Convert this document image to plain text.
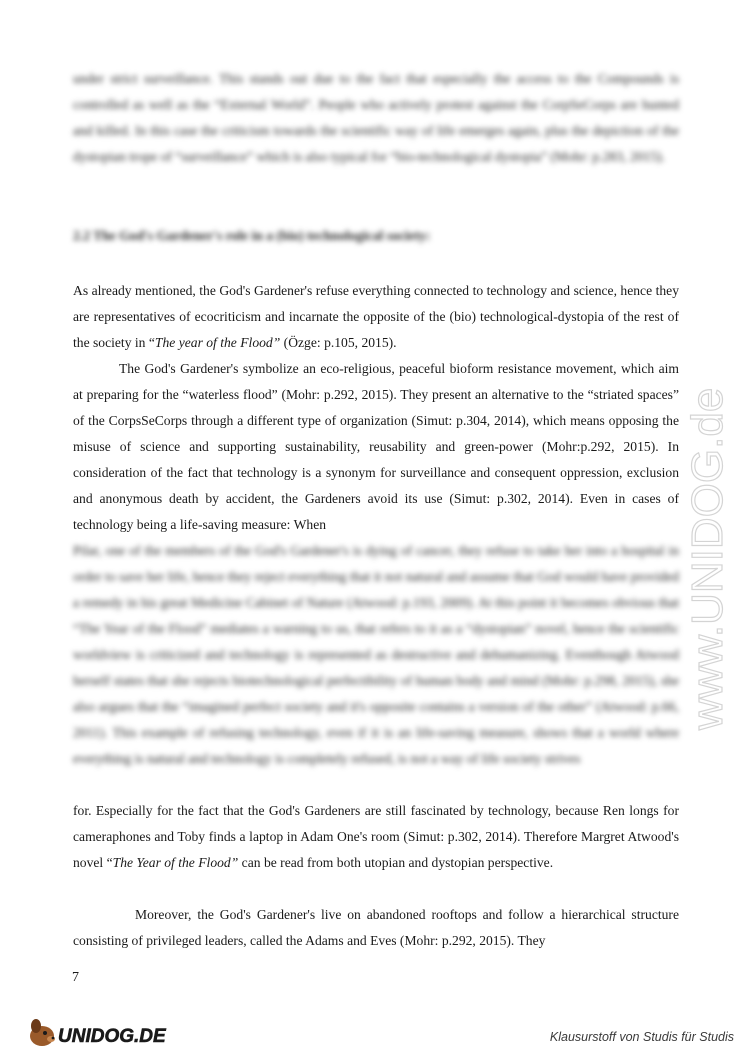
under strict surveillance. This stands out due to the fact that especially the access to the Compounds is controlled as well as the “External World”. People who actively protest against the CorpSeCorps are hunted and killed. In this case the criticism towards the scientific way of life emerges again, plus the depiction of the dystopian trope of “surveillance” which is also typical for “bio-technological dystopia” (Mohr: p.283, 2015).

2.2 The God's Gardener's role in a (bio) technological society:

As already mentioned, the God's Gardener's refuse everything connected to technology and science, hence they are representatives of ecocriticism and incarnate the opposite of the (bio) technological-dystopia of the rest of the society in “The year of the Flood” (Özge: p.105, 2015).

The God's Gardener's symbolize an eco-religious, peaceful bioform resistance movement, which aim at preparing for the “waterless flood” (Mohr: p.292, 2015). They present an alternative to the “striated spaces” of the CorpsSeCorps through a different type of organization (Simut: p.304, 2014), which means opposing the misuse of science and supporting sustainability, reusability and green-power (Mohr:p.292, 2015). In consideration of the fact that technology is a synonym for surveillance and consequent oppression, exclusion and anonymous death by accident, the Gardeners avoid its use (Simut: p.302, 2014). Even in cases of technology being a life-saving measure: When

Pilar, one of the members of the God's Gardener's is dying of cancer, they refuse to take her into a hospital in order to save her life, hence they reject everything that it not natural and assume that God would have provided a remedy in his great Medicine Cabinet of Nature (Atwood: p.193, 2009). At this point it becomes obvious that “The Year of the Flood” mediates a warning to us, that refers to it as a “dystopian” novel, hence the scientific worldview is criticized and technology is represented as destructive and dehumanizing. Eventhough Atwood herself states that she rejects biotechnological perfectibility of human body and mind (Mohr: p.298, 2015), she also argues that the “imagined perfect society and it's opposite contains a version of the other” (Atwood: p.66, 2011). This example of refusing technology, even if it is an life-saving measure, shows that a world where everything is natural and technology is completely refused, is not a way of life society strives

for. Especially for the fact that the God's Gardeners are still fascinated by technology, because Ren longs for cameraphones and Toby finds a laptop in Adam One's room (Simut: p.302, 2014). Therefore Margret Atwood's novel “The Year of the Flood” can be read from both utopian and dystopian perspective.

Moreover, the God's Gardener's live on abandoned rooftops and follow a hierarchical structure consisting of privileged leaders, called the Adams and Eves (Mohr: p.292, 2015). They

7
www.UNIDOG.de
UNIDOG.DE	Klausurstoff von Studis für Studis
